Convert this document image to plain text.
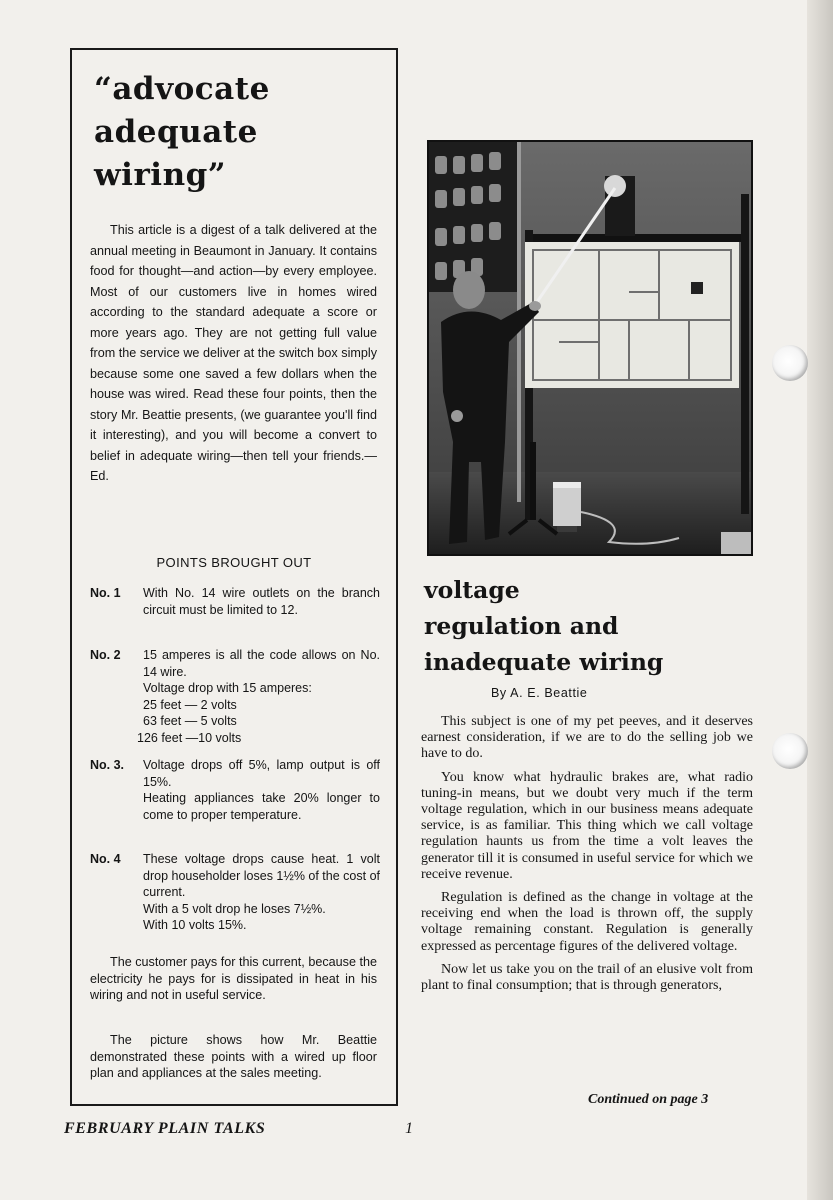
“advocate
adequate
wiring”

This article is a digest of a talk delivered at the annual meeting in Beaumont in January. It contains food for thought—and action—by every employee. Most of our customers live in homes wired according to the standard adequate a score or more years ago. They are not getting full value from the service we deliver at the switch box simply because some one saved a few dollars when the house was wired. Read these four points, then the story Mr. Beattie presents, (we guarantee you'll find it interesting), and you will become a convert to belief in adequate wiring—then tell your friends.—Ed.

POINTS BROUGHT OUT

No. 1	With No. 14 wire outlets on the branch circuit must be limited to 12.
No. 2	15 amperes is all the code allows on No. 14 wire.
Voltage drop with 15 amperes:
25 feet — 2 volts
63 feet — 5 volts
126 feet —10 volts
No. 3.	Voltage drops off 5%, lamp output is off 15%.
Heating appliances take 20% longer to come to proper temperature.
No. 4	These voltage drops cause heat. 1 volt drop householder loses 1½% of the cost of current.
With a 5 volt drop he loses 7½%.
With 10 volts 15%.

The customer pays for this current, because the electricity he pays for is dissipated in heat in his wiring and not in useful service.

The picture shows how Mr. Beattie demonstrated these points with a wired up floor plan and appliances at the sales meeting.

voltage
regulation and
inadequate wiring

By A. E. Beattie

This subject is one of my pet peeves, and it deserves earnest consideration, if we are to do the selling job we have to do.

You know what hydraulic brakes are, what radio tuning-in means, but we doubt very much if the term voltage regulation, which in our business means adequate service, is as familiar. This thing which we call voltage regulation haunts us from the time a volt leaves the generator till it is consumed in useful service for which we receive revenue.

Regulation is defined as the change in voltage at the receiving end when the load is thrown off, the supply voltage remaining constant. Regulation is generally expressed as percentage figures of the delivered voltage.

Now let us take you on the trail of an elusive volt from plant to final consumption; that is through generators,

Continued on page 3

FEBRUARY PLAIN TALKS	1
